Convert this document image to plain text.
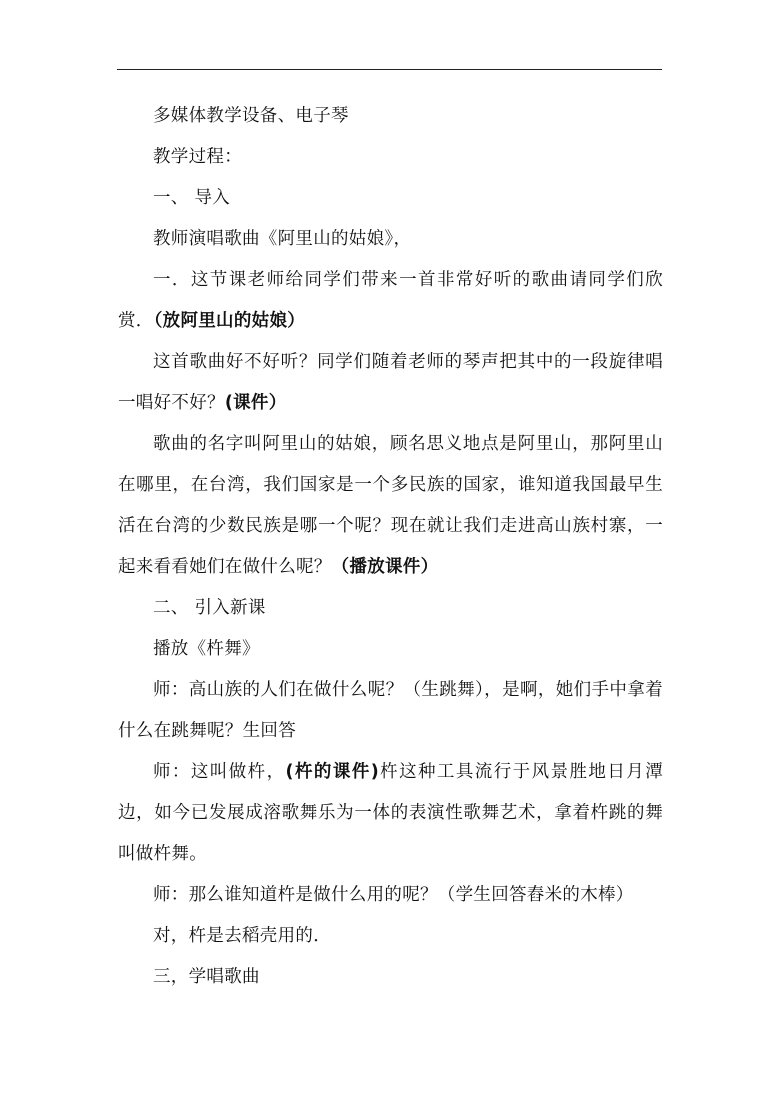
多媒体教学设备、电子琴

教学过程：

一、 导入

教师演唱歌曲《阿里山的姑娘》，

一．这节课老师给同学们带来一首非常好听的歌曲请同学们欣赏．（放阿里山的姑娘）

这首歌曲好不好听？同学们随着老师的琴声把其中的一段旋律唱一唱好不好？(课件）

歌曲的名字叫阿里山的姑娘，顾名思义地点是阿里山，那阿里山在哪里，在台湾，我们国家是一个多民族的国家，谁知道我国最早生活在台湾的少数民族是哪一个呢？现在就让我们走进高山族村寨，一起来看看她们在做什么呢？（播放课件）

二、 引入新课

播放《杵舞》

师：高山族的人们在做什么呢？（生跳舞），是啊，她们手中拿着什么在跳舞呢？生回答

师：这叫做杵，(杵的课件)杵这种工具流行于风景胜地日月潭边，如今已发展成溶歌舞乐为一体的表演性歌舞艺术，拿着杵跳的舞叫做杵舞。

师：那么谁知道杵是做什么用的呢？（学生回答舂米的木棒）

对，杵是去稻壳用的．

三，学唱歌曲
